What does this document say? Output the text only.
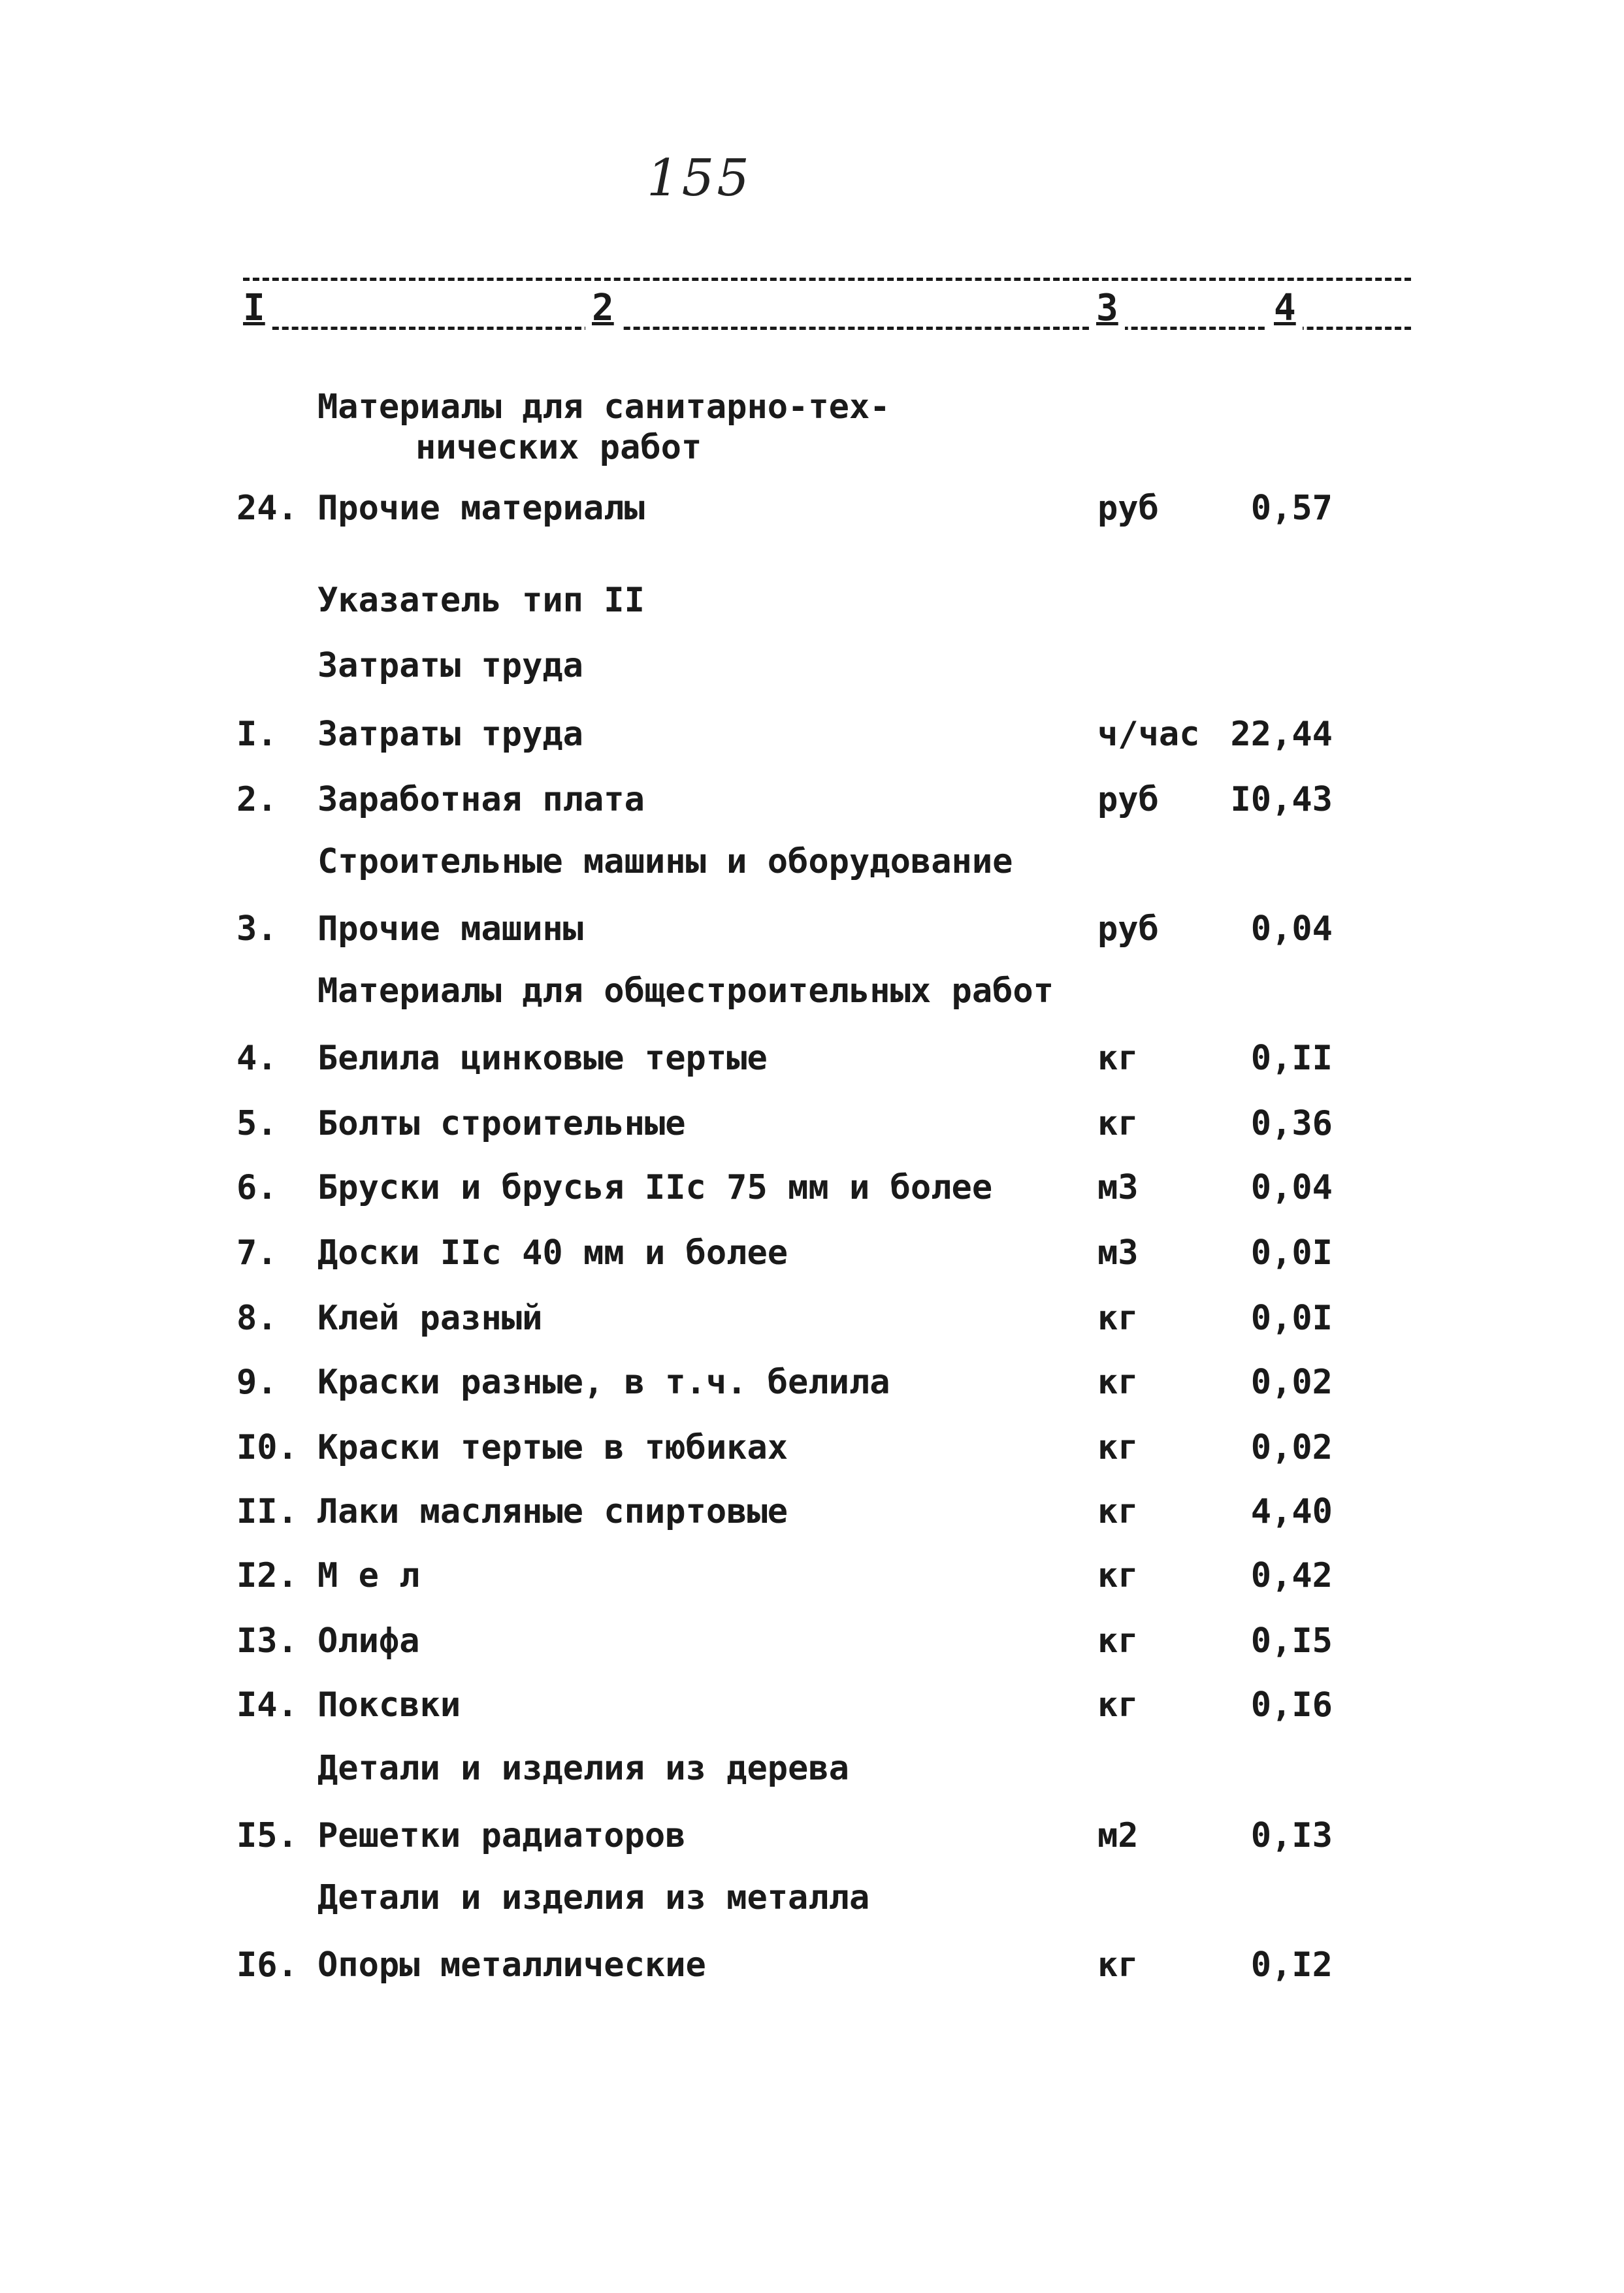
155
I	2	3	4
Материалы для санитарно-тех-
нических работ
24. Прочие материалы	руб	0,57
Указатель тип II
Затраты труда
I.	Затраты труда	ч/час 22,44
2.	Заработная плата	руб I0,43
Строительные машины и оборудование
3.	Прочие машины	руб	0,04
Материалы для общестроительных работ
4.	Белила цинковые тертые	кг	0,II
5.	Болты строительные	кг	0,36
6.	Бруски и брусья IIс 75 мм и более	м3	0,04
7.	Доски IIс 40 мм и более	м3	0,0I
8.	Клей разный	кг	0,0I
9.	Краски разные, в т.ч. белила	кг	0,02
I0. Краски тертые в тюбиках	кг	0,02
II. Лаки масляные спиртовые	кг	4,40
I2. М е л	кг	0,42
I3. Олифа	кг	0,I5
I4. Поксвки	кг	0,I6
Детали и изделия из дерева
I5. Решетки радиаторов	м2	0,I3
Детали и изделия из металла
I6. Опоры металлические	кг	0,I2
